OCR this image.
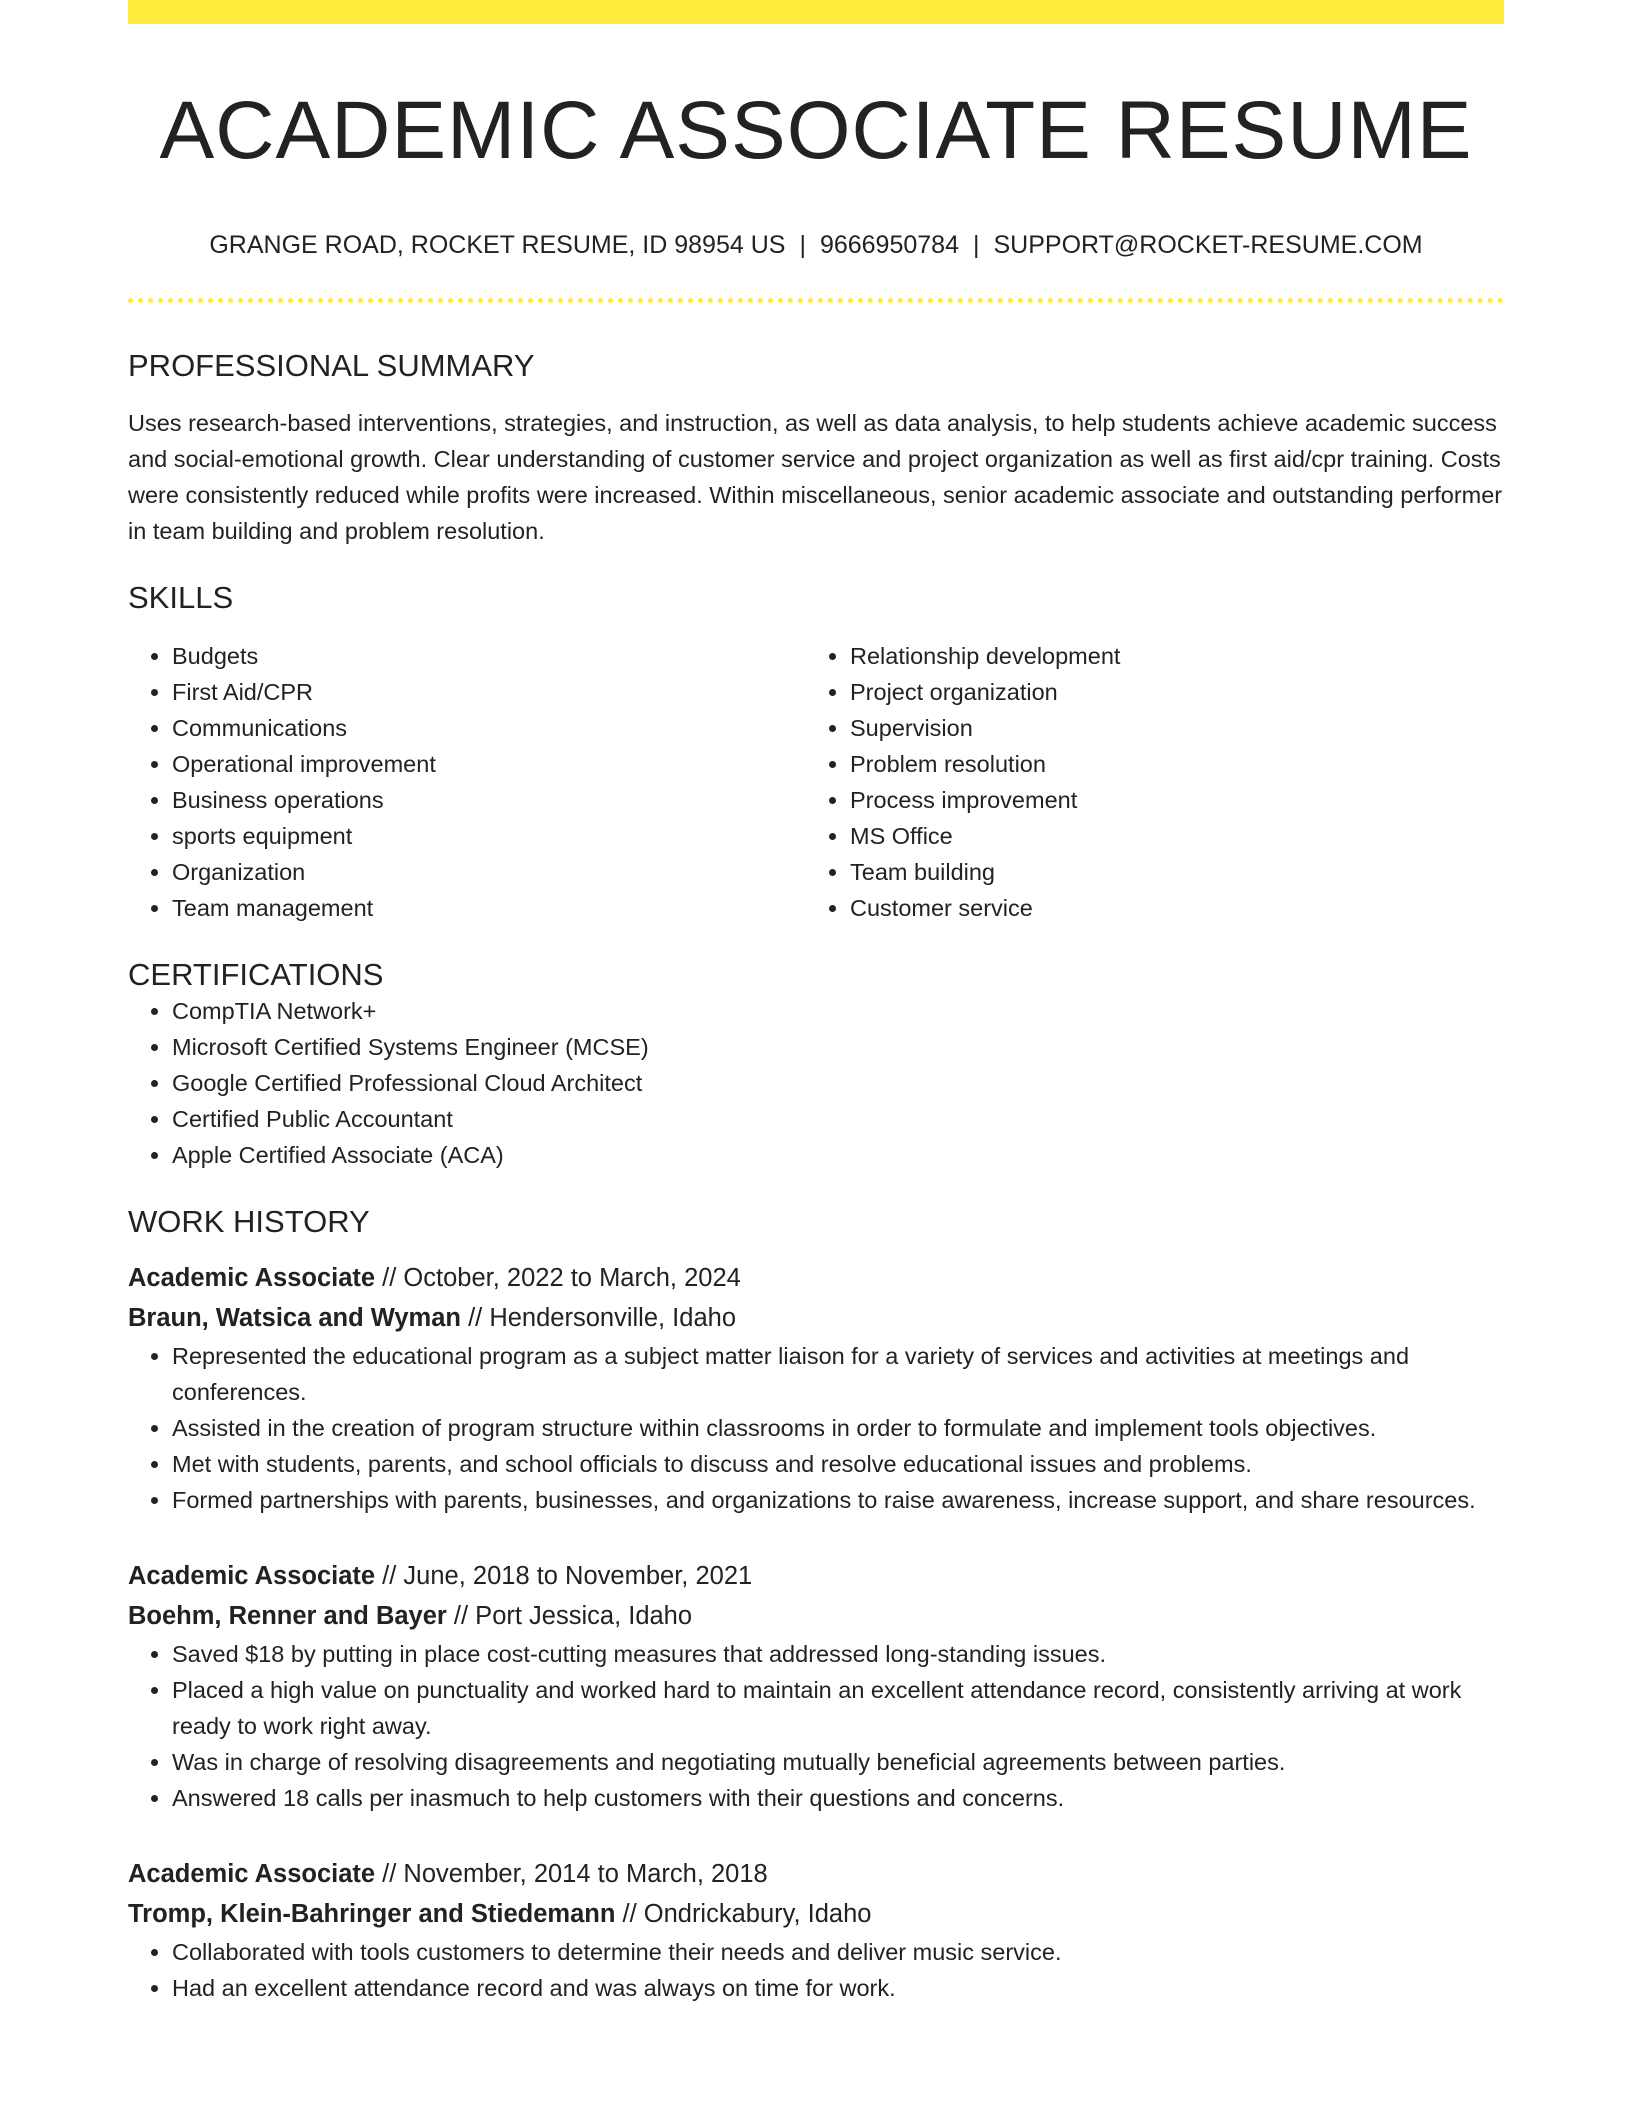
ACADEMIC ASSOCIATE RESUME
GRANGE ROAD, ROCKET RESUME, ID 98954 US | 9666950784 | SUPPORT@ROCKET-RESUME.COM
PROFESSIONAL SUMMARY

Uses research-based interventions, strategies, and instruction, as well as data analysis, to help students achieve academic success and social-emotional growth. Clear understanding of customer service and project organization as well as first aid/cpr training. Costs were consistently reduced while profits were increased. Within miscellaneous, senior academic associate and outstanding performer in team building and problem resolution.

SKILLS
• Budgets
• First Aid/CPR
• Communications
• Operational improvement
• Business operations
• sports equipment
• Organization
• Team management
• Relationship development
• Project organization
• Supervision
• Problem resolution
• Process improvement
• MS Office
• Team building
• Customer service
CERTIFICATIONS
• CompTIA Network+
• Microsoft Certified Systems Engineer (MCSE)
• Google Certified Professional Cloud Architect
• Certified Public Accountant
• Apple Certified Associate (ACA)
WORK HISTORY
Academic Associate // October, 2022 to March, 2024
Braun, Watsica and Wyman // Hendersonville, Idaho
• Represented the educational program as a subject matter liaison for a variety of services and activities at meetings and conferences.
• Assisted in the creation of program structure within classrooms in order to formulate and implement tools objectives.
• Met with students, parents, and school officials to discuss and resolve educational issues and problems.
• Formed partnerships with parents, businesses, and organizations to raise awareness, increase support, and share resources.
Academic Associate // June, 2018 to November, 2021
Boehm, Renner and Bayer // Port Jessica, Idaho
• Saved $18 by putting in place cost-cutting measures that addressed long-standing issues.
• Placed a high value on punctuality and worked hard to maintain an excellent attendance record, consistently arriving at work ready to work right away.
• Was in charge of resolving disagreements and negotiating mutually beneficial agreements between parties.
• Answered 18 calls per inasmuch to help customers with their questions and concerns.
Academic Associate // November, 2014 to March, 2018
Tromp, Klein-Bahringer and Stiedemann // Ondrickabury, Idaho
• Collaborated with tools customers to determine their needs and deliver music service.
• Had an excellent attendance record and was always on time for work.
